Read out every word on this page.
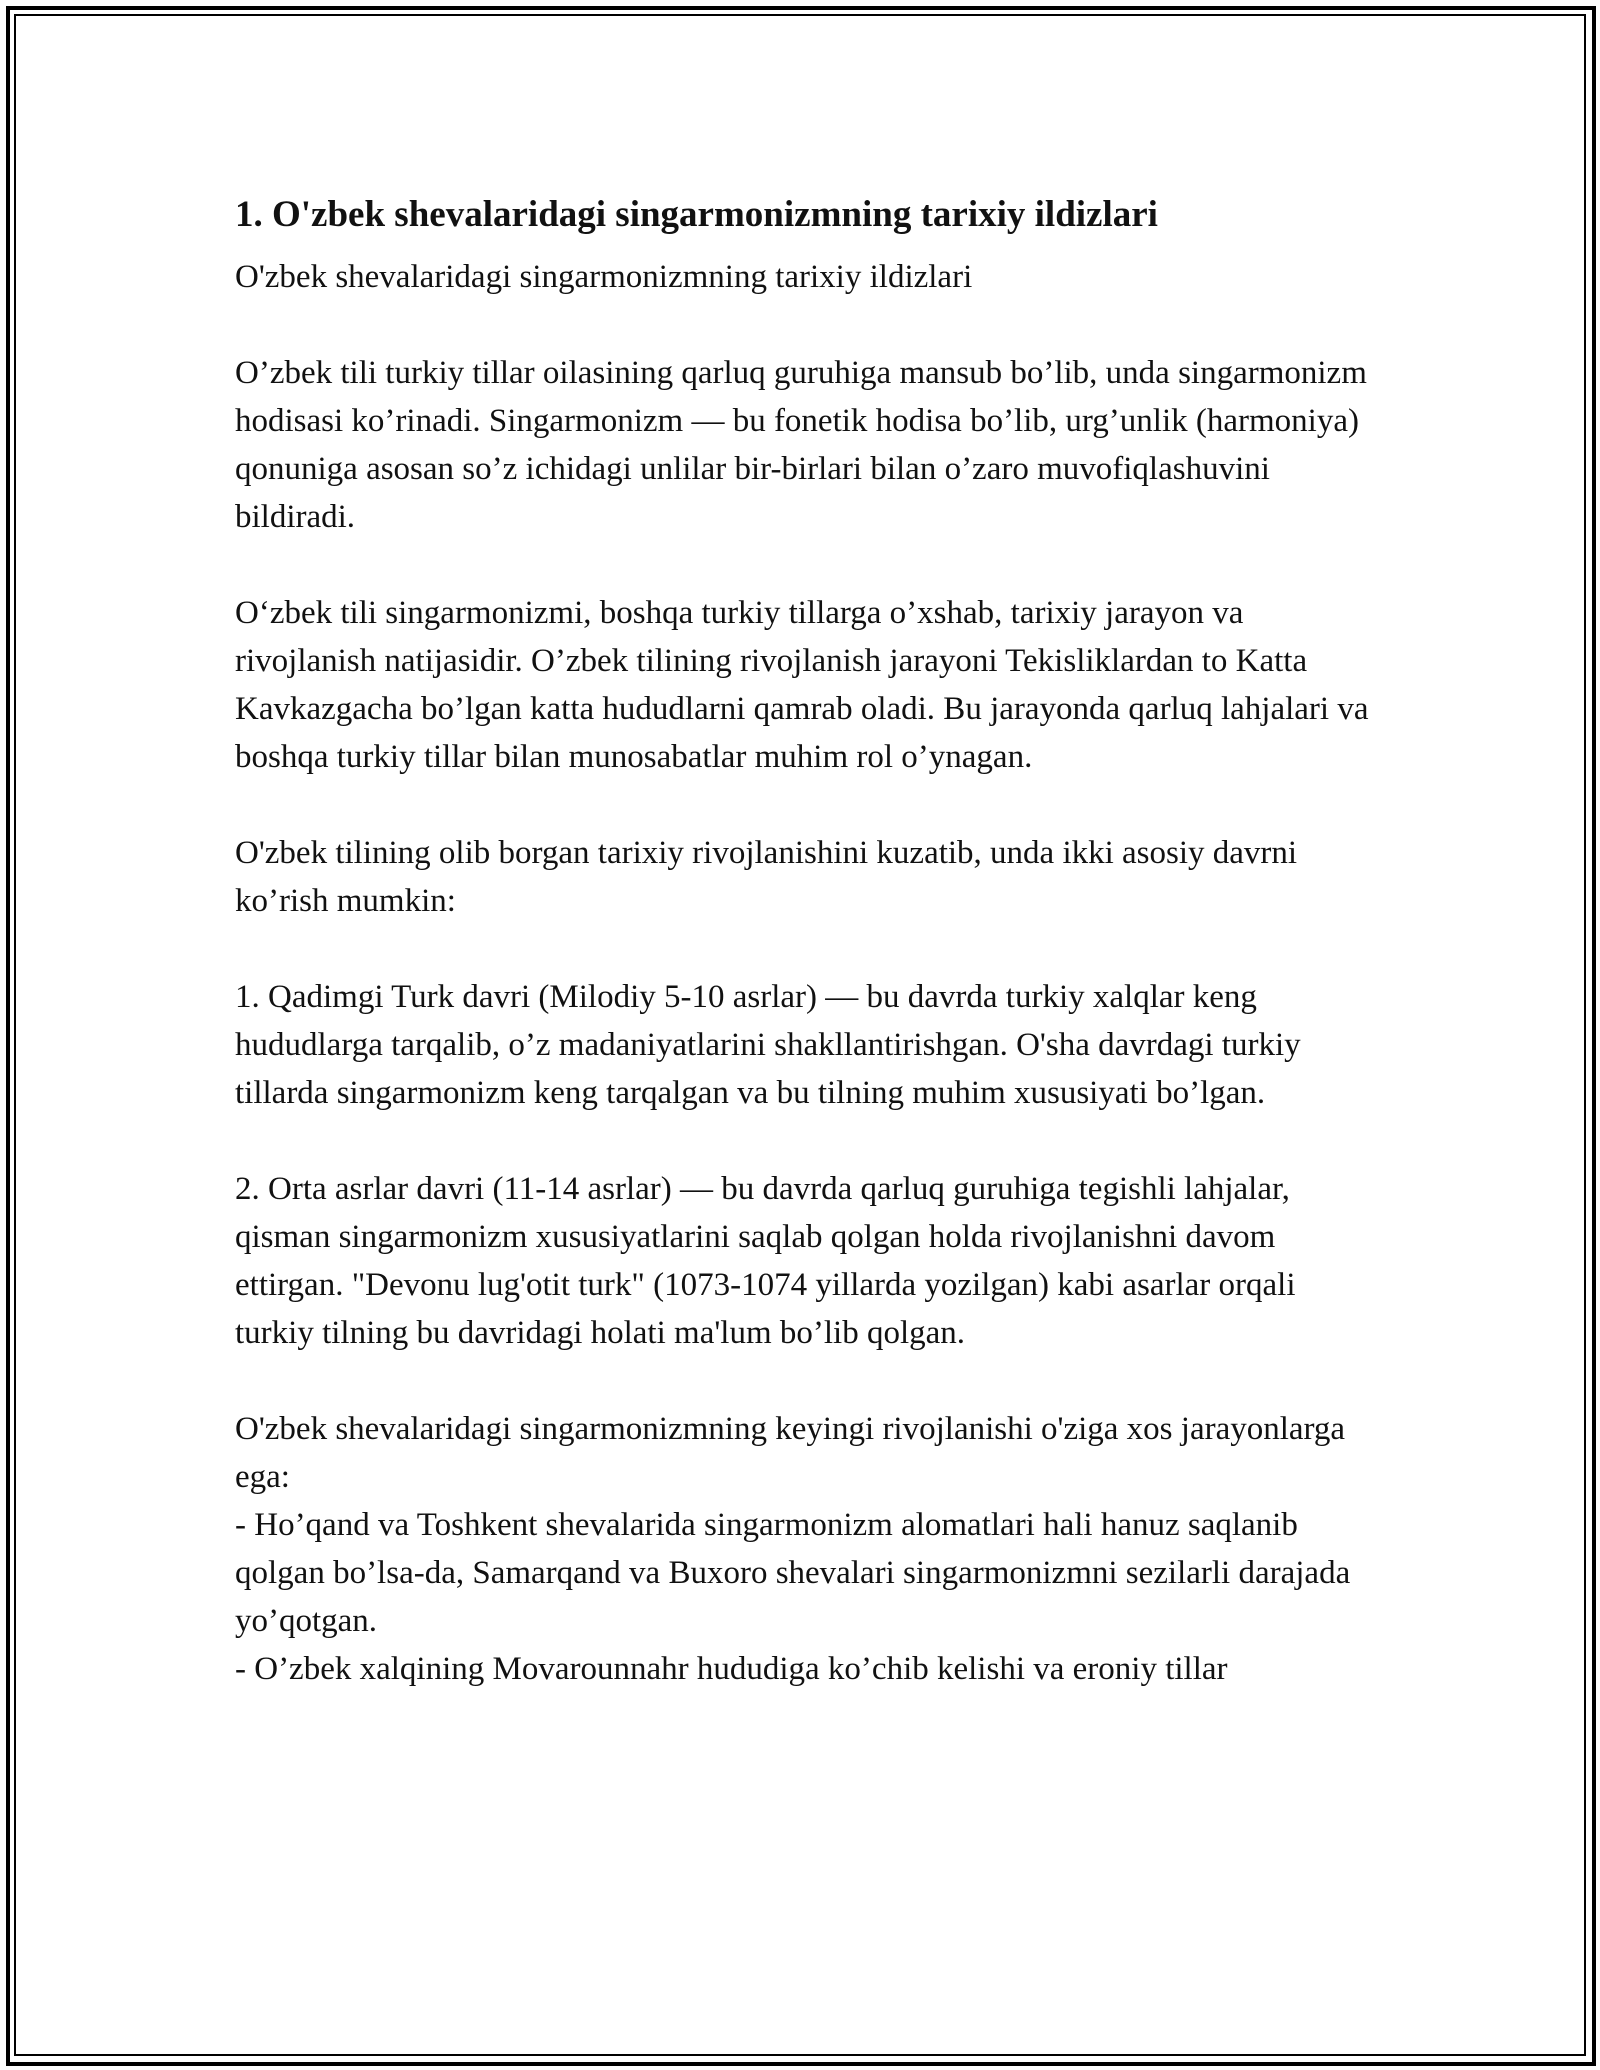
1. O'zbek shevalaridagi singarmonizmning tarixiy ildizlari

O'zbek shevalaridagi singarmonizmning tarixiy ildizlari

O’zbek tili turkiy tillar oilasining qarluq guruhiga mansub bo’lib, unda singarmonizm hodisasi ko’rinadi. Singarmonizm — bu fonetik hodisa bo’lib, urg’unlik (harmoniya) qonuniga asosan so’z ichidagi unlilar bir-birlari bilan o’zaro muvofiqlashuvini bildiradi.

O‘zbek tili singarmonizmi, boshqa turkiy tillarga o’xshab, tarixiy jarayon va rivojlanish natijasidir. O’zbek tilining rivojlanish jarayoni Tekisliklardan to Katta Kavkazgacha bo’lgan katta hududlarni qamrab oladi. Bu jarayonda qarluq lahjalari va boshqa turkiy tillar bilan munosabatlar muhim rol o’ynagan.

O'zbek tilining olib borgan tarixiy rivojlanishini kuzatib, unda ikki asosiy davrni ko’rish mumkin:

1. Qadimgi Turk davri (Milodiy 5-10 asrlar) — bu davrda turkiy xalqlar keng hududlarga tarqalib, o’z madaniyatlarini shakllantirishgan. O'sha davrdagi turkiy tillarda singarmonizm keng tarqalgan va bu tilning muhim xususiyati bo’lgan.

2. Orta asrlar davri (11-14 asrlar) — bu davrda qarluq guruhiga tegishli lahjalar, qisman singarmonizm xususiyatlarini saqlab qolgan holda rivojlanishni davom ettirgan. "Devonu lug'otit turk" (1073-1074 yillarda yozilgan) kabi asarlar orqali turkiy tilning bu davridagi holati ma'lum bo’lib qolgan.

O'zbek shevalaridagi singarmonizmning keyingi rivojlanishi o'ziga xos jarayonlarga ega:
- Ho’qand va Toshkent shevalarida singarmonizm alomatlari hali hanuz saqlanib qolgan bo’lsa-da, Samarqand va Buxoro shevalari singarmonizmni sezilarli darajada yo’qotgan.
- O’zbek xalqining Movarounnahr hududiga ko’chib kelishi va eroniy tillar
